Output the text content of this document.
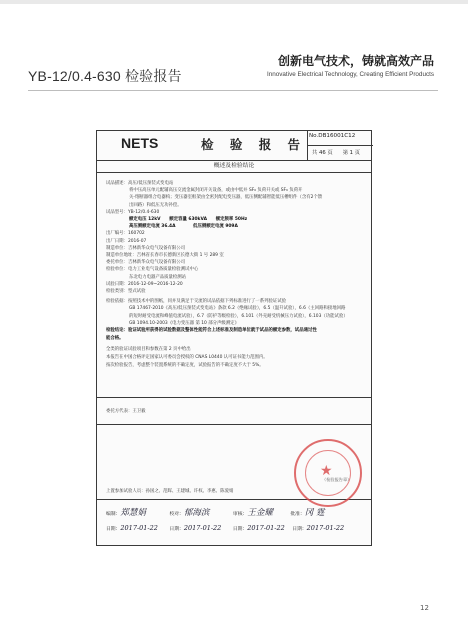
YB-12/0.4-630 检验报告
创新电气技术，铸就高效产品
Innovative Electrical Technology, Creating Efficient Products
NETS	检 验 报 告
No.DB16001C12
共 46 页 第 1 页
概述及检验结论
试品描述：高压/低压预装式变电站
将中压高压单元配辅高压交流金属封闭开关设备，或由中低并 SF₆ 负荷开关或 SF₆ 负荷开
关-熔断器组合电器构；变压器室框架由全密封配电变压器，低压侧配辅智能低压槽组件（含有2个馈
出回路）和低压无功补偿。
试品型号：YB-12/0.4-630
额定电压 12kV　　额定容量 630kVA　　额定频率 50Hz
高压侧额定电流 36.4A　　　　低压侧额定电流 909A
出厂编号：160702
出厂日期：2016-07
制造单位：吉林新华众电气设备有限公司
制造单位地址：吉林省长春市长德新区长德大街 1 号 289 室
委托单位：吉林新华众电气设备有限公司
检验单位：电力工业电气设备质量检验测试中心
东北电力电器产品质量检测站
试验日期：2016-12-09~2016-12-20
检验类别：型式试验
检验依据：按照技术中的图纸，同并及满足于交流的试品依据下列标准进行了一系列验证试验
GB 17467-2010《高压/低压预装式变电站》条款 6.2（绝缘试验），6.5（温升试验），6.6（主回路和接地回路
的短时耐受电流和峰值电流试验），6.7（防护等级检验），6.101（外壳耐受机械压力试验），6.103（功能试验）
GB 1094.10-2003《电力变压器 第 10 部分声级测定》
检验结论：验证试验所获得的试验数据及整体性能符合上述标准及制造单位就于试品的额定参数，试品通过性
能合格。
全类的验证试验项目和参数在第 2 页中给出
本报告在中国合格评定国家认可委员会授权的 CNAS L0440 认可证书能力范围内。
按次检验报告，考虑整个装置系统的不确定度，试验报告的不确定度不大于 5%。
委托方代表：王卫毅
上置参加试验人员：孙国之、范晖、王建城、许权、李惠、陈爱娟
★
（检验报告章）
编制：郑慧娟	校对：郁海滨	审核：王金耀	批准：冈 霆
日期：2017-01-22 日期：2017-01-22 日期：2017-01-22 日期：2017-01-22
12
